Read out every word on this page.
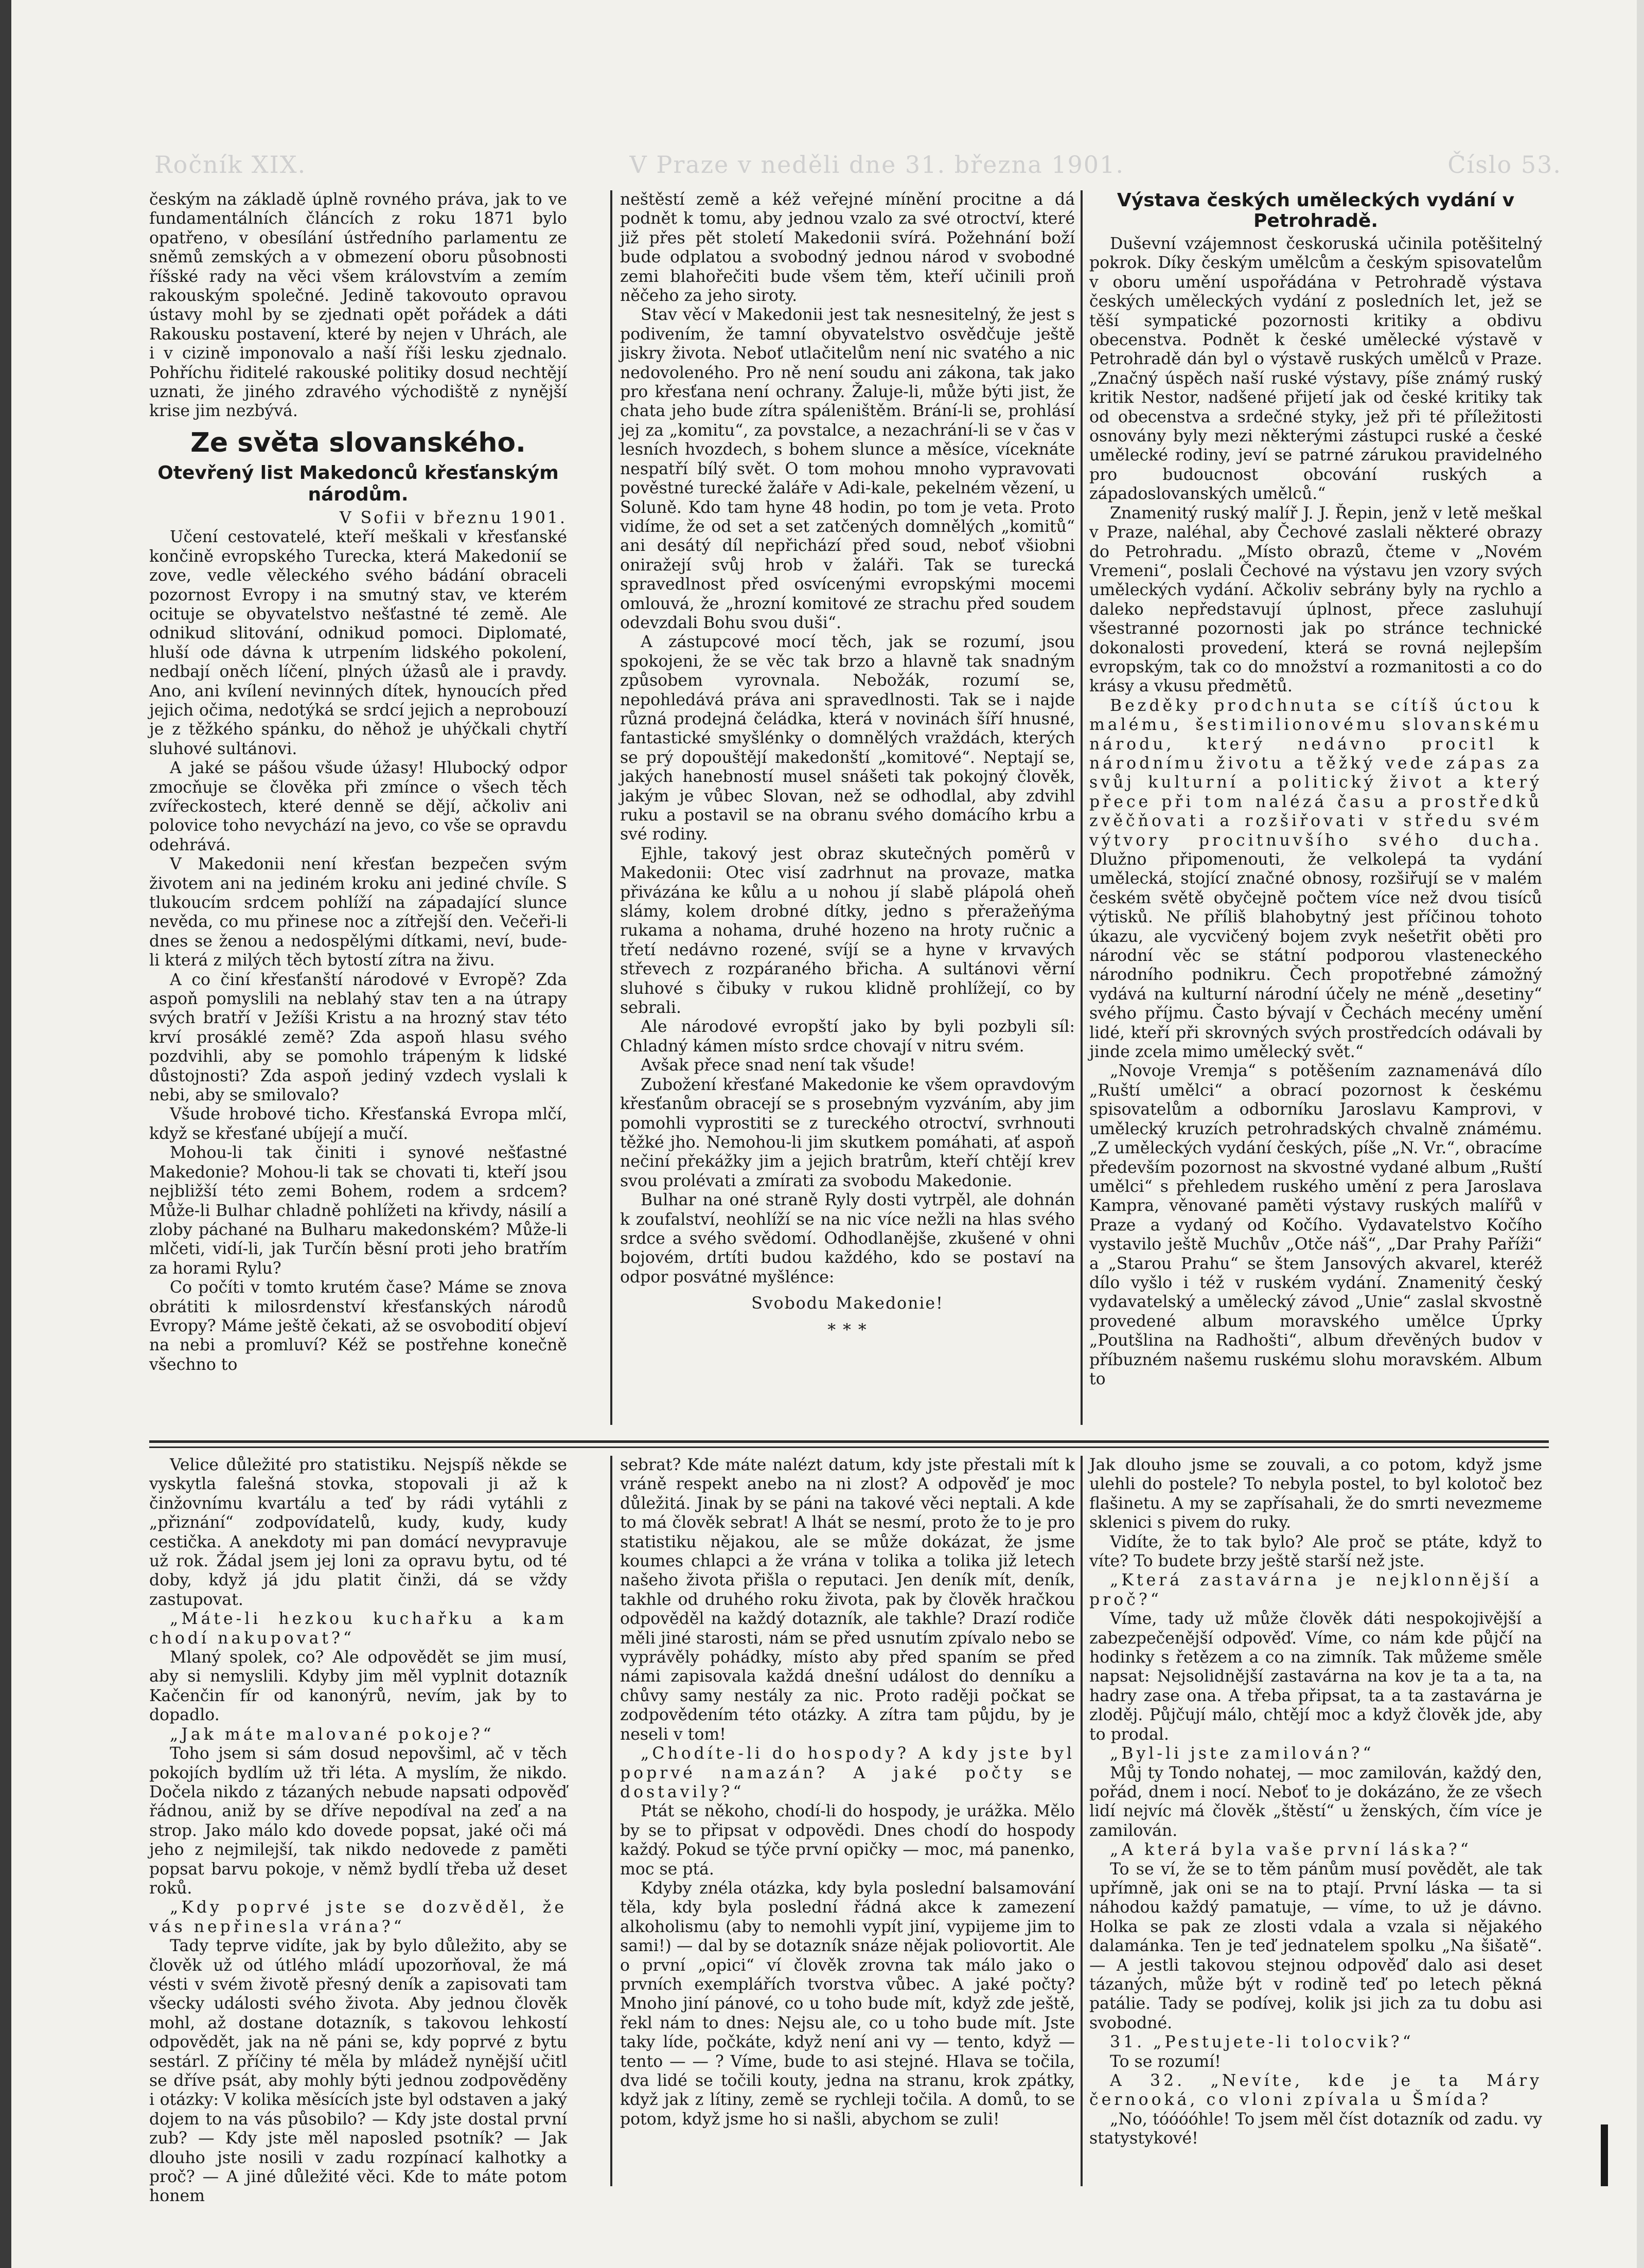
Ročník XIX.	V Praze v neděli dne 31. března 1901.	Číslo 53.

českým na základě úplně rovného práva, jak to ve fundamentálních článcích z roku 1871 bylo opatřeno, v obesílání ústředního parlamentu ze sněmů zemských a v obmezení oboru působnosti říšské rady na věci všem královstvím a zemím rakouským společné. Jedině takovouto opravou ústavy mohl by se zjednati opět pořádek a dáti Rakousku postavení, které by nejen v Uhrách, ale i v cizině imponovalo a naší říši lesku zjednalo. Pohříchu řiditelé rakouské politiky dosud nechtějí uznati, že jiného zdravého východiště z nynější krise jim nezbývá.

Ze světa slovanského.
Otevřený list Makedonců křesťanským národům.

V Sofii v březnu 1901.

Učení cestovatelé, kteří meškali v křesťanské končině evropského Turecka, která Makedonií se zove, vedle věleckého svého bádání obraceli pozornost Evropy i na smutný stav, ve kterém ocituje se obyvatelstvo nešťastné té země. Ale odnikud slitování, odnikud pomoci. Diplomaté, hluší ode dávna k utrpením lidského pokolení, nedbají oněch líčení, plných úžasů ale i pravdy. Ano, ani kvílení nevinných dítek, hynoucích před jejich očima, nedotýká se srdcí jejich a neprobouzí je z těžkého spánku, do něhož je uhýčkali chytří sluhové sultánovi.

A jaké se pášou všude úžasy! Hlubocký odpor zmocňuje se člověka při zmínce o všech těch zvířeckostech, které denně se dějí, ačkoliv ani polovice toho nevychází na jevo, co vše se opravdu odehrává.

V Makedonii není křesťan bezpečen svým životem ani na jediném kroku ani jediné chvíle. S tlukoucím srdcem pohlíží na západající slunce nevěda, co mu přinese noc a zítřejší den. Večeři-li dnes se ženou a nedospělými dítkami, neví, bude-li která z milých těch bytostí zítra na živu.

A co činí křesťanští národové v Evropě? Zda aspoň pomyslili na neblahý stav ten a na útrapy svých bratří v Ježíši Kristu a na hrozný stav této krví prosáklé země? Zda aspoň hlasu svého pozdvihli, aby se pomohlo trápeným k lidské důstojnosti? Zda aspoň jediný vzdech vyslali k nebi, aby se smilovalo?

Všude hrobové ticho. Křesťanská Evropa mlčí, když se křesťané ubíjejí a mučí.

Mohou-li tak činiti i synové nešťastné Makedonie? Mohou-li tak se chovati ti, kteří jsou nejbližší této zemi Bohem, rodem a srdcem? Může-li Bulhar chladně pohlížeti na křivdy, násilí a zloby páchané na Bulharu makedonském? Může-li mlčeti, vidí-li, jak Turčín běsní proti jeho bratřím za horami Rylu?

Co počíti v tomto krutém čase? Máme se znova obrátiti k milosrdenství křesťanských národů Evropy? Máme ještě čekati, až se osvobodití objeví na nebi a promluví? Kéž se postřehne konečně všechno to

neštěstí země a kéž veřejné mínění procitne a dá podnět k tomu, aby jednou vzalo za své otroctví, které již přes pět století Makedonii svírá. Požehnání boží bude odplatou a svobodný jednou národ v svobodné zemi blahořečiti bude všem těm, kteří učinili proň něčeho za jeho siroty.

Stav věcí v Makedonii jest tak nesnesitelný, že jest s podivením, že tamní obyvatelstvo osvědčuje ještě jiskry života. Neboť utlačitelům není nic svatého a nic nedovoleného. Pro ně není soudu ani zákona, tak jako pro křesťana není ochrany. Žaluje-li, může býti jist, že chata jeho bude zítra spáleništěm. Brání-li se, prohlásí jej za „komitu“, za povstalce, a nezachrání-li se v čas v lesních hvozdech, s bohem slunce a měsíce, víceknáte nespatří bílý svět. O tom mohou mnoho vypravovati pověstné turecké žaláře v Adi-kale, pekelném vězení, u Soluně. Kdo tam hyne 48 hodin, po tom je veta. Proto vidíme, že od set a set zatčených domnělých „komitů“ ani desátý díl nepřichází před soud, neboť všiobni oniražejí svůj hrob v žaláři. Tak se turecká spravedlnost před osvícenými evropskými mocemi omlouvá, že „hrozní komitové ze strachu před soudem odevzdali Bohu svou duši“.

A zástupcové mocí těch, jak se rozumí, jsou spokojeni, že se věc tak brzo a hlavně tak snadným způsobem vyrovnala. Nebožák, rozumí se, nepohledává práva ani spravedlnosti. Tak se i najde různá prodejná čeládka, která v novinách šíří hnusné, fantastické smyšlénky o domnělých vraždách, kterých se prý dopouštějí makedonští „komitové“. Neptají se, jakých hanebností musel snášeti tak pokojný člověk, jakým je vůbec Slovan, než se odhodlal, aby zdvihl ruku a postavil se na obranu svého domácího krbu a své rodiny.

Ejhle, takový jest obraz skutečných poměrů v Makedonii: Otec visí zadrhnut na provaze, matka přivázána ke kůlu a u nohou jí slabě plápolá oheň slámy, kolem drobné dítky, jedno s přeražeňýma rukama a nohama, druhé hozeno na hroty ručnic a třetí nedávno rozené, svíjí se a hyne v krvavých střevech z rozpáraného břicha. A sultánovi věrní sluhové s čibuky v rukou klidně prohlížejí, co by sebrali.

Ale národové evropští jako by byli pozbyli síl: Chladný kámen místo srdce chovají v nitru svém.

Avšak přece snad není tak všude!

Zubožení křesťané Makedonie ke všem opravdovým křesťanům obracejí se s prosebným vyzváním, aby jim pomohli vyprostiti se z tureckého otroctví, svrhnouti těžké jho. Nemohou-li jim skutkem pomáhati, ať aspoň nečiní překážky jim a jejich bratrům, kteří chtějí krev svou prolévati a zmírati za svobodu Makedonie.

Bulhar na oné straně Ryly dosti vytrpěl, ale dohnán k zoufalství, neohlíží se na nic více nežli na hlas svého srdce a svého svědomí. Odhodlanějše, zkušené v ohni bojovém, drtíti budou každého, kdo se postaví na odpor posvátné myšlénce:

Svobodu Makedonie!

* * *

Výstava českých uměleckých vydání v Petrohradě.

Duševní vzájemnost českoruská učinila potěšitelný pokrok. Díky českým umělcům a českým spisovatelům v oboru umění uspořádána v Petrohradě výstava českých uměleckých vydání z posledních let, jež se těší sympatické pozornosti kritiky a obdivu obecenstva. Podnět k české umělecké výstavě v Petrohradě dán byl o výstavě ruských umělců v Praze. „Značný úspěch naší ruské výstavy, píše známý ruský kritik Nestor, nadšené přijetí jak od české kritiky tak od obecenstva a srdečné styky, jež při té příležitosti osnovány byly mezi některými zástupci ruské a české umělecké rodiny, jeví se patrné zárukou pravidelného pro budoucnost obcování ruských a západoslovanských umělců.“

Znamenitý ruský malíř J. J. Řepin, jenž v letě meškal v Praze, naléhal, aby Čechové zaslali některé obrazy do Petrohradu. „Místo obrazů, čteme v „Novém Vremeni“, poslali Čechové na výstavu jen vzory svých uměleckých vydání. Ačkoliv sebrány byly na rychlo a daleko nepředstavují úplnost, přece zasluhují všestranné pozornosti jak po stránce technické dokonalosti provedení, která se rovná nejlepším evropským, tak co do množství a rozmanitosti a co do krásy a vkusu předmětů.

Bezděky prodchnuta se cítíš úctou k malému, šestimilionovému slovanskému národu, který nedávno procitl k národnímu životu a těžký vede zápas za svůj kulturní a politický život a který přece při tom nalézá času a prostředků zvěčňovati a rozšiřovati v středu svém výtvory procitnuvšího svého ducha. Dlužno připomenouti, že velkolepá ta vydání umělecká, stojící značné obnosy, rozšiřují se v malém českém světě obyčejně počtem více než dvou tisíců výtisků. Ne příliš blahobytný jest příčinou tohoto úkazu, ale vycvičený bojem zvyk nešetřit oběti pro národní věc se státní podporou vlasteneckého národního podnikru. Čech propotřebné zámožný vydává na kulturní národní účely ne méně „desetiny“ svého příjmu. Často bývají v Čechách mecény umění lidé, kteří při skrovných svých prostředcích odávali by jinde zcela mimo umělecký svět.“

„Novoje Vremja“ s potěšením zaznamenává dílo „Ruští umělci“ a obrací pozornost k českému spisovatelům a odborníku Jaroslavu Kamprovi, v umělecký kruzích petrohradských chvalně známému. „Z uměleckých vydání českých, píše „N. Vr.“, obracíme především pozornost na skvostné vydané album „Ruští umělci“ s přehledem ruského umění z pera Jaroslava Kampra, věnované paměti výstavy ruských malířů v Praze a vydaný od Kočího. Vydavatelstvo Kočího vystavilo ještě Muchův „Otče náš“, „Dar Prahy Paříži“ a „Starou Prahu“ se štem Jansových akvarel, kteréž dílo vyšlo i též v ruském vydání. Znamenitý český vydavatelský a umělecký závod „Unie“ zaslal skvostně provedené album moravského umělce Úprky „Poutšlina na Radhošti“, album dřevěných budov v příbuzném našemu ruskému slohu moravském. Album to

Velice důležité pro statistiku. Nejspíš někde se vyskytla falešná stovka, stopovali ji až k činžovnímu kvartálu a teď by rádi vytáhli z „přiznání“ zodpovídatelů, kudy, kudy, kudy cestička. A anekdoty mi pan domácí nevypravuje už rok. Žádal jsem jej loni za opravu bytu, od té doby, když já jdu platit činži, dá se vždy zastupovat.

„Máte-li hezkou kuchařku a kam chodí nakupovat?“

Mlaný spolek, co? Ale odpovědět se jim musí, aby si nemyslili. Kdyby jim měl vyplnit dotazník Kačenčin fír od kanonýrů, nevím, jak by to dopadlo.

„Jak máte malované pokoje?“

Toho jsem si sám dosud nepovšiml, ač v těch pokojích bydlím už tři léta. A myslím, že nikdo. Dočela nikdo z tázaných nebude napsati odpověď řádnou, aniž by se dříve nepodíval na zeď a na strop. Jako málo kdo dovede popsat, jaké oči má jeho z nejmilejší, tak nikdo nedovede z paměti popsat barvu pokoje, v němž bydlí třeba už deset roků.

„Kdy poprvé jste se dozvěděl, že vás nepřinesla vrána?“

Tady teprve vidíte, jak by bylo důležito, aby se člověk už od útlého mládí upozorňoval, že má vésti v svém životě přesný deník a zapisovati tam všecky události svého života. Aby jednou člověk mohl, až dostane dotazník, s takovou lehkostí odpovědět, jak na ně páni se, kdy poprvé z bytu sestárl. Z příčiny té měla by mládež nynější učitl se dříve psát, aby mohly býti jednou zodpověděny i otázky: V kolika měsících jste byl odstaven a jaký dojem to na vás působilo? — Kdy jste dostal první zub? — Kdy jste měl naposled psotník? — Jak dlouho jste nosili v zadu rozpínací kalhotky a proč? — A jiné důležité věci. Kde to máte potom honem

sebrat? Kde máte nalézt datum, kdy jste přestali mít k vráně respekt anebo na ni zlost? A odpověď je moc důležitá. Jinak by se páni na takové věci neptali. A kde to má člověk sebrat! A lhát se nesmí, proto že to je pro statistiku nějakou, ale se může dokázat, že jsme koumes chlapci a že vrána v tolika a tolika již letech našeho života přišla o reputaci. Jen deník mít, deník, takhle od druhého roku života, pak by člověk hračkou odpověděl na každý dotazník, ale takhle? Drazí rodiče měli jiné starosti, nám se před usnutím zpívalo nebo se vyprávěly pohádky, místo aby před spaním se před námi zapisovala každá dnešní událost do denníku a chůvy samy nestály za nic. Proto raději počkat se zodpovědením této otázky. A zítra tam půjdu, by je neseli v tom!

„Chodíte-li do hospody? A kdy jste byl poprvé namazán? A jaké počty se dostavily?“

Ptát se někoho, chodí-li do hospody, je urážka. Mělo by se to připsat v odpovědi. Dnes chodí do hospody každý. Pokud se týče první opičky — moc, má panenko, moc se ptá.

Kdyby znéla otázka, kdy byla poslední balsamování těla, kdy byla poslední řádná akce k zamezení alkoholismu (aby to nemohli vypít jiní, vypijeme jim to sami!) — dal by se dotazník snáze nějak poliovortit. Ale o první „opici“ ví člověk zrovna tak málo jako o prvních exemplářích tvorstva vůbec. A jaké počty? Mnoho jiní pánové, co u toho bude mít, když zde ještě, řekl nám to dnes: Nejsu ale, co u toho bude mít. Jste taky líde, počkáte, když není ani vy — tento, když — tento — — ? Víme, bude to asi stejné. Hlava se točila, dva lidé se točili kouty, jedna na stranu, krok zpátky, když jak z lítiny, země se rychleji točila. A domů, to se potom, když jsme ho si našli, abychom se zuli!

Jak dlouho jsme se zouvali, a co potom, když jsme ulehli do postele? To nebyla postel, to byl kolotoč bez flašinetu. A my se zapřísahali, že do smrti nevezmeme sklenici s pivem do ruky.

Vidíte, že to tak bylo? Ale proč se ptáte, když to víte? To budete brzy ještě starší než jste.

„Která zastavárna je nejklonnější a proč?“

Víme, tady už může člověk dáti nespokojivější a zabezpečenější odpověď. Víme, co nám kde půjčí na hodinky s řetězem a co na zimník. Tak můžeme směle napsat: Nejsolidnější zastavárna na kov je ta a ta, na hadry zase ona. A třeba připsat, ta a ta zastavárna je zloděj. Půjčují málo, chtějí moc a když člověk jde, aby to prodal.

„Byl-li jste zamilován?“

Můj ty Tondo nohatej, — moc zamilován, každý den, pořád, dnem i nocí. Neboť to je dokázáno, že ze všech lidí nejvíc má člověk „štěstí“ u ženských, čím více je zamilován.

„A která byla vaše první láska?“

To se ví, že se to těm pánům musí povědět, ale tak upřímně, jak oni se na to ptají. První láska — ta si náhodou každý pamatuje, — víme, to už je dávno. Holka se pak ze zlosti vdala a vzala si nějakého dalamánka. Ten je teď jednatelem spolku „Na šišatě“. — A jestli takovou stejnou odpověď dalo asi deset tázaných, může být v rodině teď po letech pěkná patálie. Tady se podívej, kolik jsi jich za tu dobu asi svobodné.

31. „Pestujete-li tolocvik?“

To se rozumí!

A 32. „Nevíte, kde je ta Máry černooká, co vloni zpívala u Šmída?

„No, tóóóóhle! To jsem měl číst dotazník od zadu. vy statystykové!
